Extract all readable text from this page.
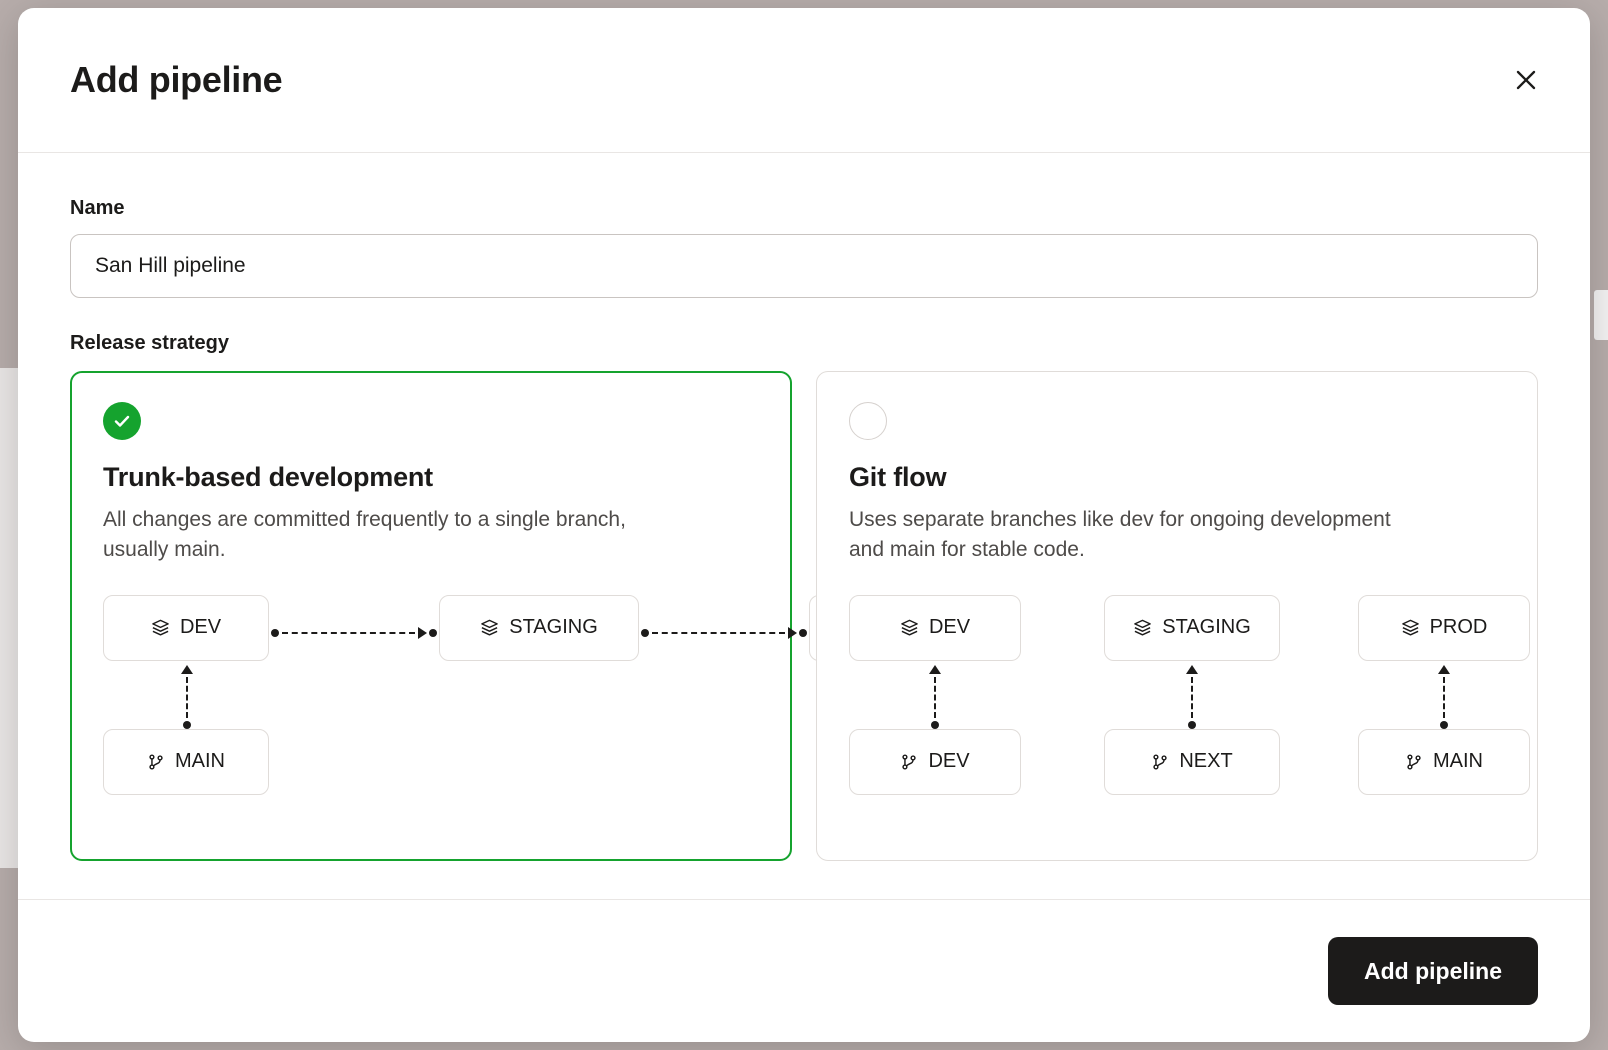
Add pipeline
Name
San Hill pipeline
Release strategy
Trunk-based development
All changes are committed frequently to a single branch, usually main.
DEV	STAGING
MAIN
Git flow
Uses separate branches like dev for ongoing development and main for stable code.
DEV	STAGING	PROD
DEV	NEXT	MAIN
Add pipeline
